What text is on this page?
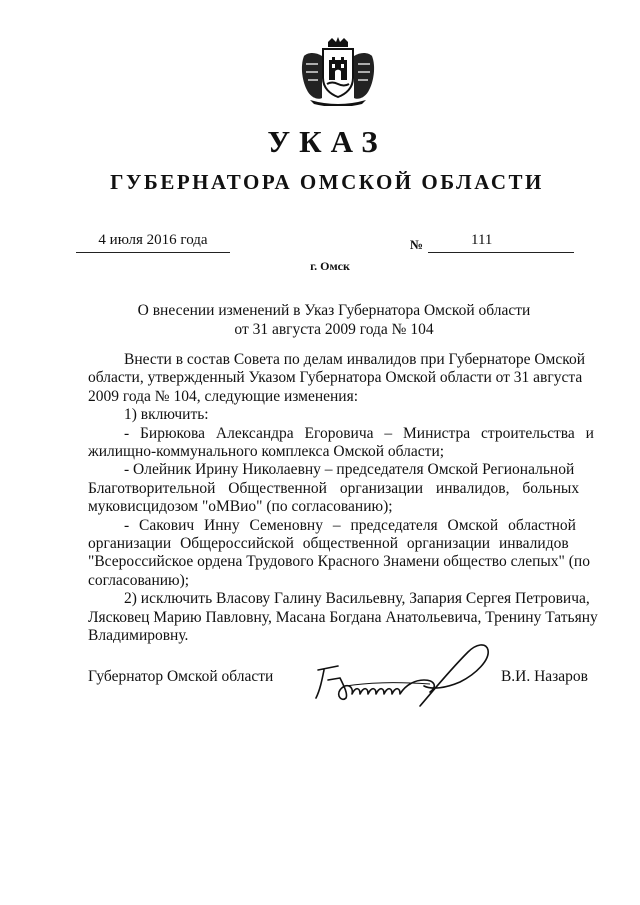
УКАЗ
ГУБЕРНАТОРА ОМСКОЙ ОБЛАСТИ
4 июля 2016 года	№	111
г. Омск
О внесении изменений в Указ Губернатора Омской области
от 31 августа 2009 года № 104
Внести в состав Совета по делам инвалидов при Губернаторе Омской
области, утвержденный Указом Губернатора Омской области от 31 августа
2009 года № 104, следующие изменения:
1) включить:
- Бирюкова Александра Егоровича – Министра строительства и
жилищно-коммунального комплекса Омской области;
- Олейник Ирину Николаевну – председателя Омской Региональной
Благотворительной Общественной организации инвалидов, больных
муковисцидозом "оМВио" (по согласованию);
- Сакович Инну Семеновну – председателя Омской областной
организации Общероссийской общественной организации инвалидов
"Всероссийское ордена Трудового Красного Знамени общество слепых" (по
согласованию);
2) исключить Власову Галину Васильевну, Запария Сергея Петровича,
Лясковец Марию Павловну, Масана Богдана Анатольевича, Тренину Татьяну
Владимировну.
Губернатор Омской области	В.И. Назаров
